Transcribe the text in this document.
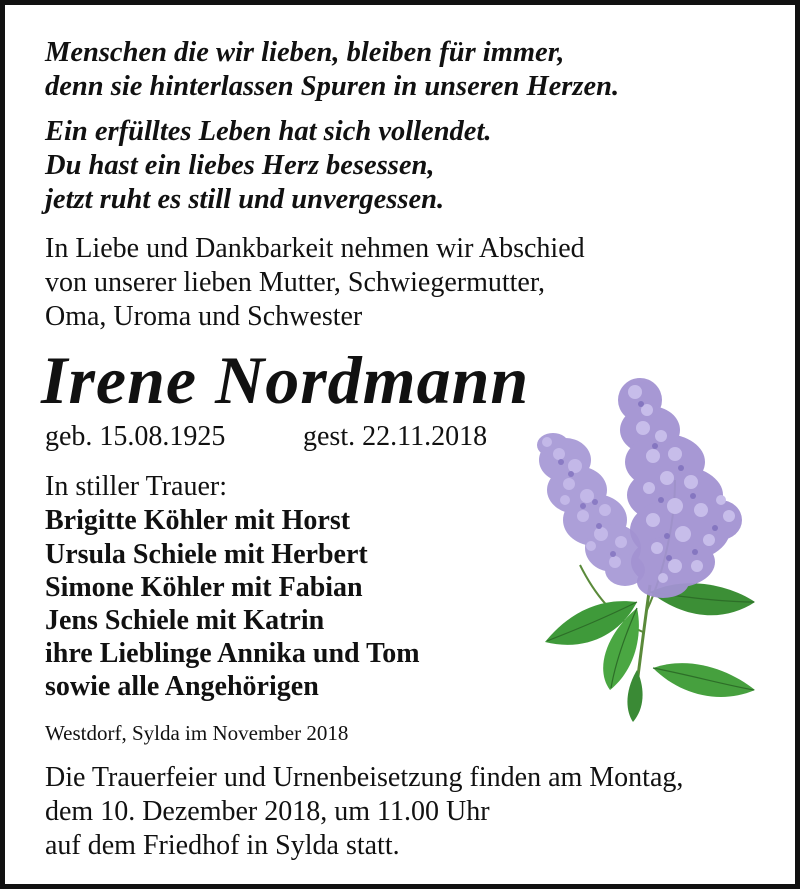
Menschen die wir lieben, bleiben für immer,
denn sie hinterlassen Spuren in unseren Herzen.
Ein erfülltes Leben hat sich vollendet.
Du hast ein liebes Herz besessen,
jetzt ruht es still und unvergessen.
In Liebe und Dankbarkeit nehmen wir Abschied
von unserer lieben Mutter, Schwiegermutter,
Oma, Uroma und Schwester
Irene Nordmann
geb. 15.08.1925	gest. 22.11.2018
In stiller Trauer:
Brigitte Köhler mit Horst
Ursula Schiele mit Herbert
Simone Köhler mit Fabian
Jens Schiele mit Katrin
ihre Lieblinge Annika und Tom
sowie alle Angehörigen
Westdorf, Sylda im November 2018
Die Trauerfeier und Urnenbeisetzung finden am Montag,
dem 10. Dezember 2018, um 11.00 Uhr
auf dem Friedhof in Sylda statt.
